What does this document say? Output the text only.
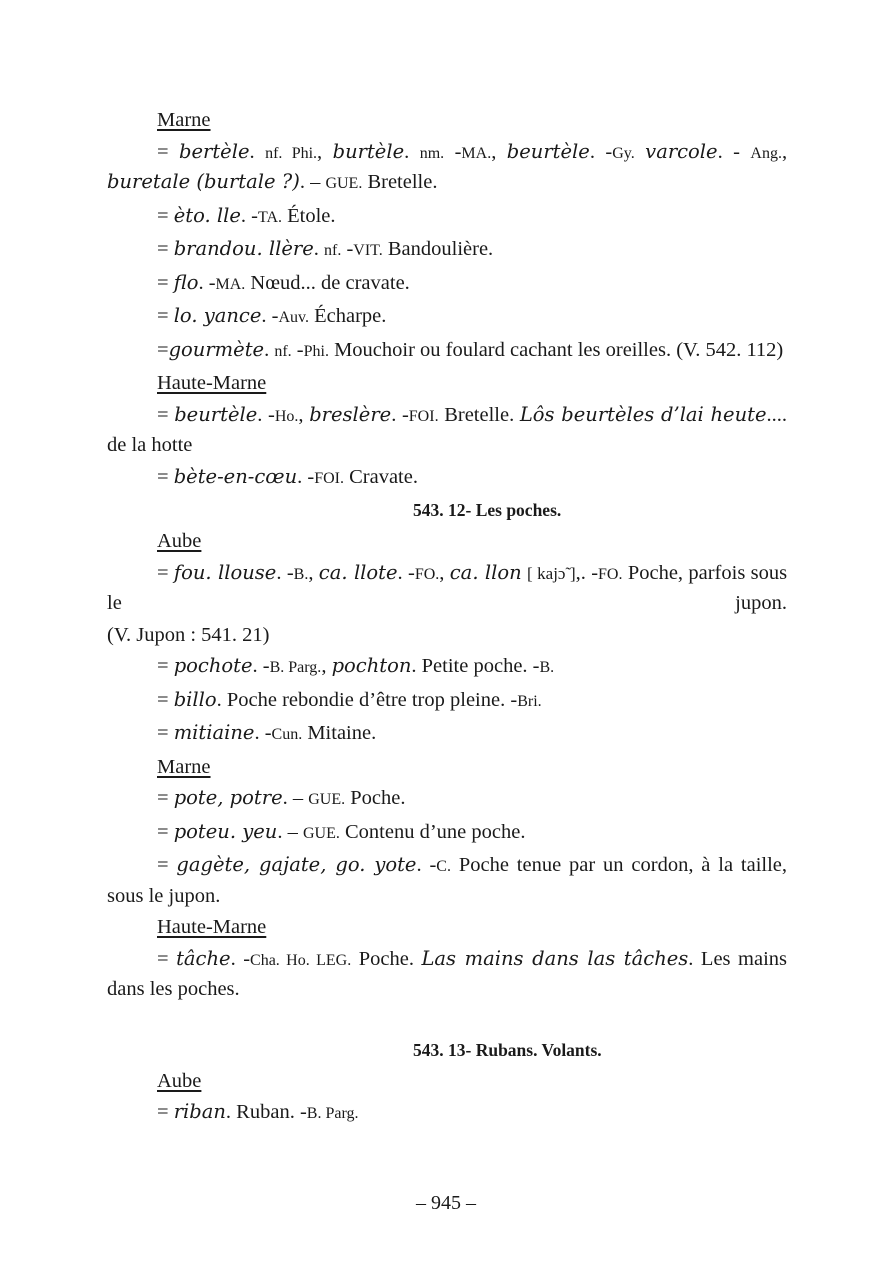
Marne

= bertèle. nf. Phi., burtèle. nm. -MA., beurtèle. -Gy. varcole. - Ang., buretale (burtale ?). – GUE. Bretelle.

= èto. lle. -TA. Étole.

= brandou. llère. nf. -VIT. Bandoulière.

= flo. -MA. Nœud... de cravate.

= lo. yance. -Auv. Écharpe.

=gourmète. nf. -Phi. Mouchoir ou foulard cachant les oreilles. (V. 542. 112)

Haute-Marne

= beurtèle. -Ho., breslère. -FOI. Bretelle. Lôs beurtèles d’lai heute.... de la hotte

= bète-en-cœu. -FOI. Cravate.

543. 12- Les poches.

Aube

= fou. llouse. -B., ca. llote. -FO., ca. llon [ kajɔ̃ ],. -FO. Poche, parfois sous le jupon.

(V. Jupon : 541. 21)

= pochote. -B. Parg., pochton. Petite poche. -B.

= billo. Poche rebondie d’être trop pleine. -Bri.

= mitiaine. -Cun. Mitaine.

Marne

= pote, potre. – GUE. Poche.

= poteu. yeu. – GUE. Contenu d’une poche.

= gagète, gajate, go. yote. -C. Poche tenue par un cordon, à la taille, sous le jupon.

Haute-Marne

= tâche. -Cha. Ho. LEG. Poche. Las mains dans las tâches. Les mains dans les poches.

543. 13- Rubans. Volants.

Aube

= riban. Ruban. -B. Parg.

– 945 –
